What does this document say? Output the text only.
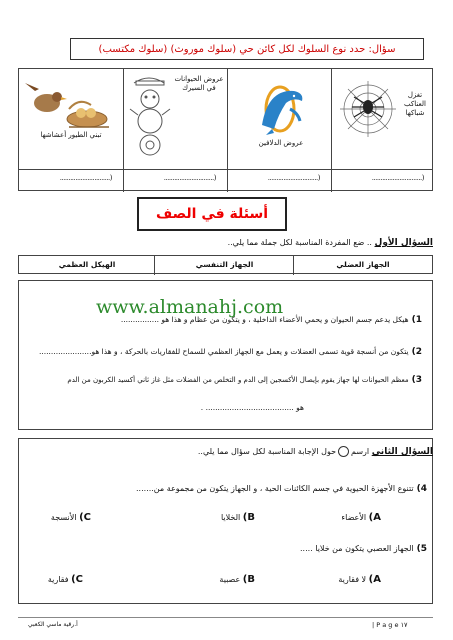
سؤال: حدد نوع السلوك لكل كائن حي (سلوك موروث) (سلوك مكتسب)
تبني الطيور أعشاشها
عروض الحيوانات في السيرك
عروض الدلافين
تغزل العناكب شباكها
(.............................
(.............................
(.............................
(.............................
أسئلة في الصف
السؤال الأول .. ضع المفردة المناسبة لكل جملة مما يلي..
الجهاز العضلي
الجهاز التنفسي
الهيكل العظمي
1)هيكل يدعم جسم الحيوان و يحمي الأعضاء الداخلية ، و يتكون من عظام و هذا هو ................
2)يتكون من أنسجة قوية تسمى العضلات و يعمل مع الجهاز العظمي للسماح للفقاريات بالحركة ، و هذا هو......................
3)معظم الحيوانات لها جهاز يقوم بإيصال الأكسجين إلى الدم و التخلص من الفضلات مثل غاز ثاني أكسيد الكربون من الدم
هو ..................................... .
www.almanahj.com
السؤال الثاني ارسمحول الإجابة المناسبة لكل سؤال مما يلي..
4)تتنوع الأجهزة الحيوية في جسم الكائنات الحية ، و الجهاز يتكون من مجموعة من.......
A) الأعضاء
B) الخلايا
C) الأنسجة
5)الجهاز العصبي يتكون من خلايا .....
A) لا فقارية
B) عصبية
C) فقارية
أ.رقية ماسي الكعبي	| P a g e ١٧
